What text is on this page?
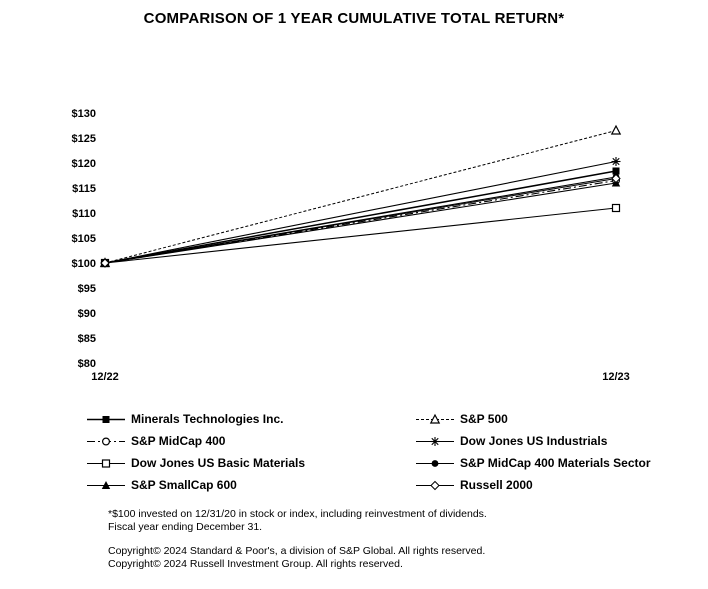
COMPARISON OF 1 YEAR CUMULATIVE TOTAL RETURN*
$80
$85
$90
$95
$100
$105
$110
$115
$120
$125
$130
12/22	12/23
Minerals Technologies Inc.
S&P MidCap 400
Dow Jones US Basic Materials
S&P SmallCap 600
S&P 500
Dow Jones US Industrials
S&P MidCap 400 Materials Sector
Russell 2000
*$100 invested on 12/31/20 in stock or index, including reinvestment of dividends.
Fiscal year ending December 31.
Copyright© 2024 Standard & Poor's, a division of S&P Global. All rights reserved.
Copyright© 2024 Russell Investment Group. All rights reserved.
